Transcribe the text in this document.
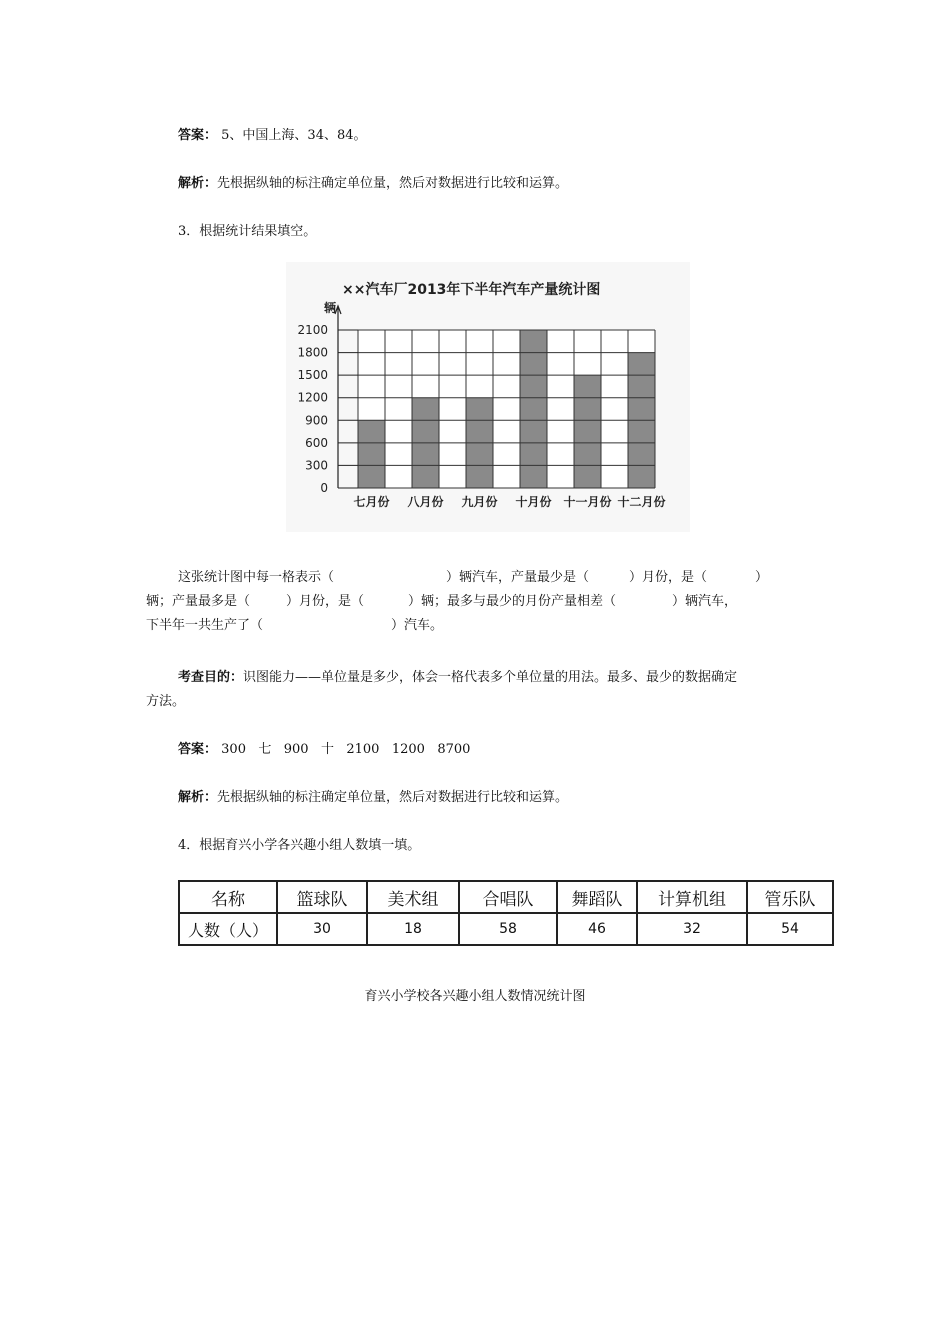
答案： 5、中国上海、34、84。
解析：先根据纵轴的标注确定单位量，然后对数据进行比较和运算。
3．根据统计结果填空。
××汽车厂2013年下半年汽车产量统计图
辆
0
300
600
900
1200
1500
1800
2100
七月份 八月份 九月份 十月份 十一月份 十二月份
这张统计图中每一格表示（	）辆汽车，产量最少是（	）月份，是（	）
辆；产量最多是（	）月份，是（	）辆；最多与最少的月份产量相差（	）辆汽车，
下半年一共生产了（	）汽车。
考查目的：识图能力——单位量是多少，体会一格代表多个单位量的用法。最多、最少的数据确定
方法。
答案： 300   七   900   十   2100   1200   8700
解析：先根据纵轴的标注确定单位量，然后对数据进行比较和运算。
4．根据育兴小学各兴趣小组人数填一填。
名称	篮球队	美术组	合唱队	舞蹈队	计算机组	管乐队
人数（人）	30	18	58	46	32	54
育兴小学校各兴趣小组人数情况统计图
